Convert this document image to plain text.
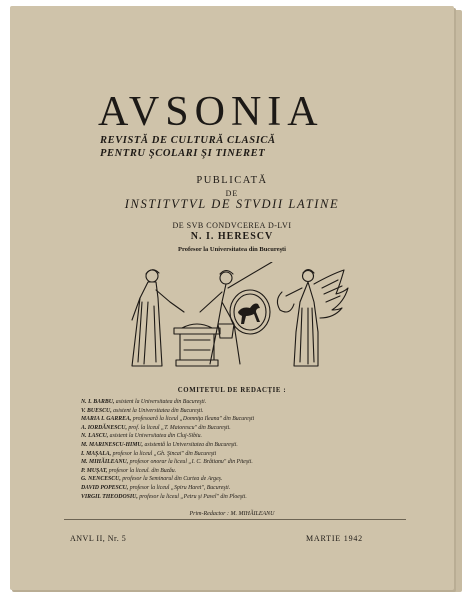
AVSONIA
REVISTĂ DE CULTURĂ CLASICĂ
PENTRU ŞCOLARI ŞI TINERET
PUBLICATĂ
DE
INSTITVTVL DE STVDII LATINE
DE SVB CONDVCEREA D-LVI
N. I. HERESCV
Profesor la Universitatea din Bucureşti
COMITETUL DE REDACŢIE :
N. I. BARBU, asistent la Universitatea din Bucureşti.
V. BUESCU, asistent la Universitatea din Bucureşti.
MARIA I. GARREA, profesoară la liceul „Domniţa Ileana" din Bucureşti
A. IORDĂNESCU, prof. la liceul „T. Maiorescu" din Bucureşti.
N. LASCU, asistent la Universitatea din Cluj-Sibiu.
M. MARINESCU-HIMU, asistentă la Universitatea din Bucureşti.
I. MAŞALA, profesor la liceul „Gh. Şincai" din Bucureşti
M. MIHĂILEANU, profesor onorar la liceul „I. C. Brătianu" din Piteşti.
P. MUŞAT, profesor la liceul. din Buzău.
G. NENCESCU, profesor la Seminarul din Curtea de Argeş.
DAVID POPESCU, profesor la liceul „Spiru Haret", Bucureşti.
VIRGIL THEODOSIU, profesor la liceul „Petru şi Pavel" din Ploeşti.
Prim-Redactor : M. MIHĂILEANU
ANVL II, Nr. 5	MARTIE 1942
